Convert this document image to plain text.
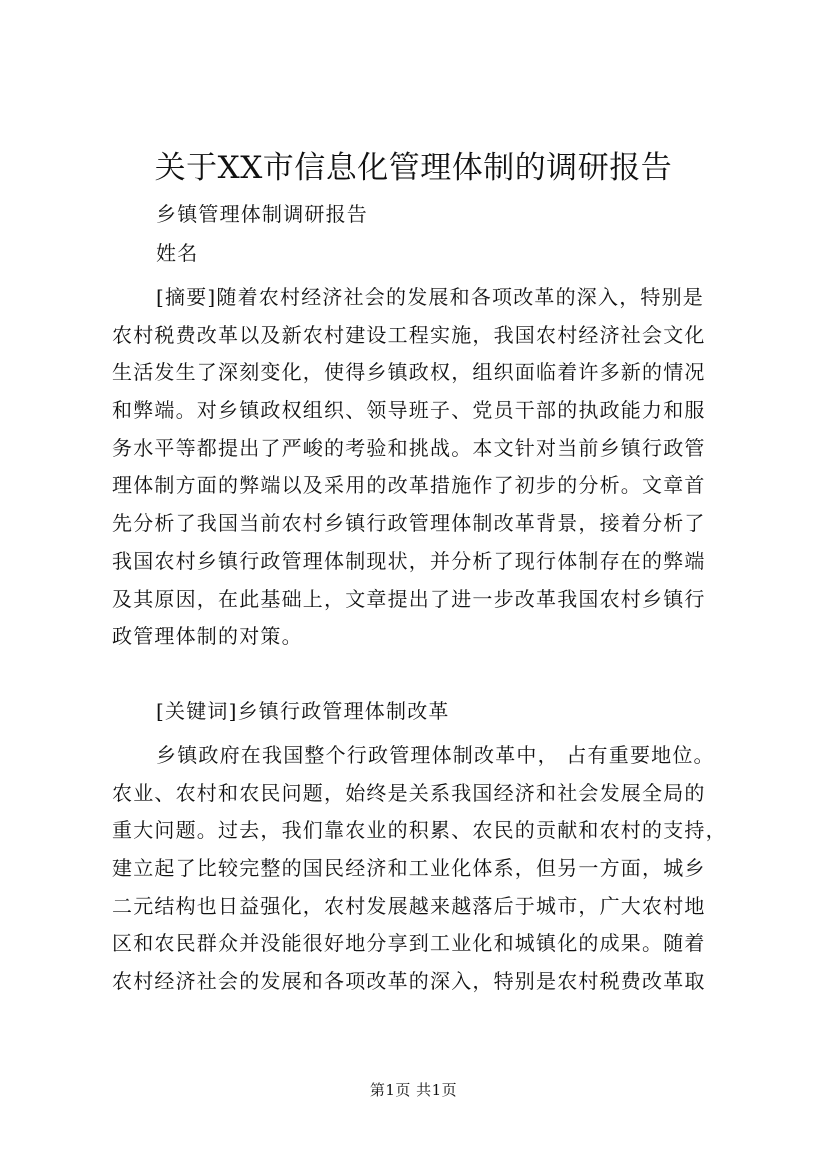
关于XX市信息化管理体制的调研报告

乡镇管理体制调研报告

姓名

[摘要]随着农村经济社会的发展和各项改革的深入，特别是
农村税费改革以及新农村建设工程实施，我国农村经济社会文化
生活发生了深刻变化，使得乡镇政权，组织面临着许多新的情况
和弊端。对乡镇政权组织、领导班子、党员干部的执政能力和服
务水平等都提出了严峻的考验和挑战。本文针对当前乡镇行政管
理体制方面的弊端以及采用的改革措施作了初步的分析。文章首
先分析了我国当前农村乡镇行政管理体制改革背景，接着分析了
我国农村乡镇行政管理体制现状，并分析了现行体制存在的弊端
及其原因，在此基础上，文章提出了进一步改革我国农村乡镇行
政管理体制的对策。

[关键词]乡镇行政管理体制改革

乡镇政府在我国整个行政管理体制改革中， 占有重要地位。
农业、农村和农民问题，始终是关系我国经济和社会发展全局的
重大问题。过去，我们靠农业的积累、农民的贡献和农村的支持，
建立起了比较完整的国民经济和工业化体系，但另一方面，城乡
二元结构也日益强化，农村发展越来越落后于城市，广大农村地
区和农民群众并没能很好地分享到工业化和城镇化的成果。随着
农村经济社会的发展和各项改革的深入，特别是农村税费改革取
第1页 共1页
